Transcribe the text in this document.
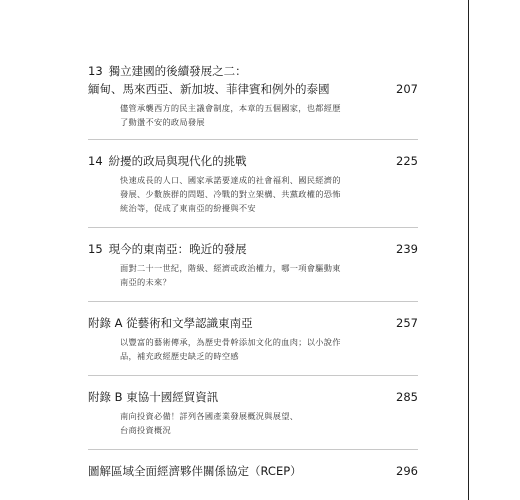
13 獨立建國的後續發展之二：
緬甸、馬來西亞、新加坡、菲律賓和例外的泰國	207
儘管承襲西方的民主議會制度，本章的五個國家，也都經歷
了動盪不安的政局發展
14 紛擾的政局與現代化的挑戰	225
快速成長的人口、國家承諾要達成的社會福利、國民經濟的
發展、少數族群的問題、冷戰的對立架構、共黨政權的恐怖
統治等，促成了東南亞的紛擾與不安
15 現今的東南亞：晚近的發展	239
面對二十一世紀，階級、經濟或政治權力，哪一項會驅動東
南亞的未來？
附錄 A 從藝術和文學認識東南亞	257
以豐富的藝術傳承，為歷史骨幹添加文化的血肉；以小說作
品，補充政經歷史缺乏的時空感
附錄 B 東協十國經貿資訊	285
南向投資必備！詳列各國產業發展概況與展望、
台商投資概況
圖解區域全面經濟夥伴關係協定（RCEP）	296
